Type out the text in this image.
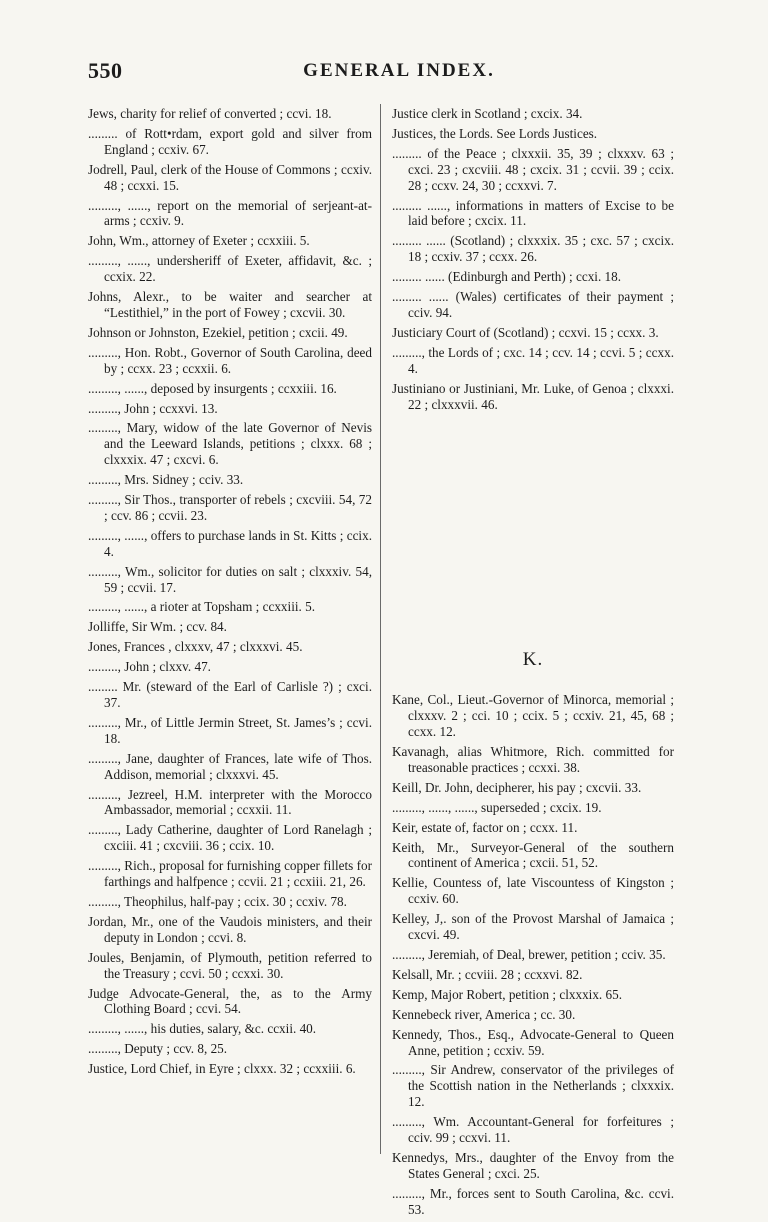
550	GENERAL INDEX.
Jews, charity for relief of converted ; ccvi. 18.
......... of Rott•rdam, export gold and silver from England ; ccxiv. 67.
Jodrell, Paul, clerk of the House of Commons ; ccxiv. 48 ; ccxxi. 15.
........., ......, report on the memorial of serjeant-at-arms ; ccxiv. 9.
John, Wm., attorney of Exeter ; ccxxiii. 5.
........., ......, undersheriff of Exeter, affidavit, &c. ; ccxix. 22.
Johns, Alexr., to be waiter and searcher at “Lestithiel,” in the port of Fowey ; cxcvii. 30.
Johnson or Johnston, Ezekiel, petition ; cxcii. 49.
........., Hon. Robt., Governor of South Carolina, deed by ; ccxx. 23 ; ccxxii. 6.
........., ......, deposed by insurgents ; ccxxiii. 16.
........., John ; ccxxvi. 13.
........., Mary, widow of the late Governor of Nevis and the Leeward Islands, petitions ; clxxx. 68 ; clxxxix. 47 ; cxcvi. 6.
........., Mrs. Sidney ; cciv. 33.
........., Sir Thos., transporter of rebels ; cxcviii. 54, 72 ; ccv. 86 ; ccvii. 23.
........., ......, offers to purchase lands in St. Kitts ; ccix. 4.
........., Wm., solicitor for duties on salt ; clxxxiv. 54, 59 ; ccvii. 17.
........., ......, a rioter at Topsham ; ccxxiii. 5.
Jolliffe, Sir Wm. ; ccv. 84.
Jones, Frances , clxxxv, 47 ; clxxxvi. 45.
........., John ; clxxv. 47.
......... Mr. (steward of the Earl of Carlisle ?) ; cxci. 37.
........., Mr., of Little Jermin Street, St. James’s ; ccvi. 18.
........., Jane, daughter of Frances, late wife of Thos. Addison, memorial ; clxxxvi. 45.
........., Jezreel, H.M. interpreter with the Morocco Ambassador, memorial ; ccxxii. 11.
........., Lady Catherine, daughter of Lord Ranelagh ; cxciii. 41 ; cxcviii. 36 ; ccix. 10.
........., Rich., proposal for furnishing copper fillets for farthings and halfpence ; ccvii. 21 ; ccxiii. 21, 26.
........., Theophilus, half-pay ; ccix. 30 ; ccxiv. 78.
Jordan, Mr., one of the Vaudois ministers, and their deputy in London ; ccvi. 8.
Joules, Benjamin, of Plymouth, petition referred to the Treasury ; ccvi. 50 ; ccxxi. 30.
Judge Advocate-General, the, as to the Army Clothing Board ; ccvi. 54.
........., ......, his duties, salary, &c. ccxii. 40.
........., Deputy ; ccv. 8, 25.
Justice, Lord Chief, in Eyre ; clxxx. 32 ; ccxxiii. 6.
Justice clerk in Scotland ; cxcix. 34.
Justices, the Lords. See Lords Justices.
......... of the Peace ; clxxxii. 35, 39 ; clxxxv. 63 ; cxci. 23 ; cxcviii. 48 ; cxcix. 31 ; ccvii. 39 ; ccix. 28 ; ccxv. 24, 30 ; ccxxvi. 7.
......... ......, informations in matters of Excise to be laid before ; cxcix. 11.
......... ...... (Scotland) ; clxxxix. 35 ; cxc. 57 ; cxcix. 18 ; ccxiv. 37 ; ccxx. 26.
......... ...... (Edinburgh and Perth) ; ccxi. 18.
......... ...... (Wales) certificates of their payment ; cciv. 94.
Justiciary Court of (Scotland) ; ccxvi. 15 ; ccxx. 3.
........., the Lords of ; cxc. 14 ; ccv. 14 ; ccvi. 5 ; ccxx. 4.
Justiniano or Justiniani, Mr. Luke, of Genoa ; clxxxi. 22 ; clxxxvii. 46.
K.
Kane, Col., Lieut.-Governor of Minorca, memorial ; clxxxv. 2 ; cci. 10 ; ccix. 5 ; ccxiv. 21, 45, 68 ; ccxx. 12.
Kavanagh, alias Whitmore, Rich. committed for treasonable practices ; ccxxi. 38.
Keill, Dr. John, decipherer, his pay ; cxcvii. 33.
........., ......, ......, superseded ; cxcix. 19.
Keir, estate of, factor on ; ccxx. 11.
Keith, Mr., Surveyor-General of the southern continent of America ; cxcii. 51, 52.
Kellie, Countess of, late Viscountess of Kingston ; ccxiv. 60.
Kelley, J,. son of the Provost Marshal of Jamaica ; cxcvi. 49.
........., Jeremiah, of Deal, brewer, petition ; cciv. 35.
Kelsall, Mr. ; ccviii. 28 ; ccxxvi. 82.
Kemp, Major Robert, petition ; clxxxix. 65.
Kennebeck river, America ; cc. 30.
Kennedy, Thos., Esq., Advocate-General to Queen Anne, petition ; ccxiv. 59.
........., Sir Andrew, conservator of the privileges of the Scottish nation in the Netherlands ; clxxxix. 12.
........., Wm. Accountant-General for forfeitures ; cciv. 99 ; ccxvi. 11.
Kennedys, Mrs., daughter of the Envoy from the States General ; cxci. 25.
........., Mr., forces sent to South Carolina, &c. ccvi. 53.
